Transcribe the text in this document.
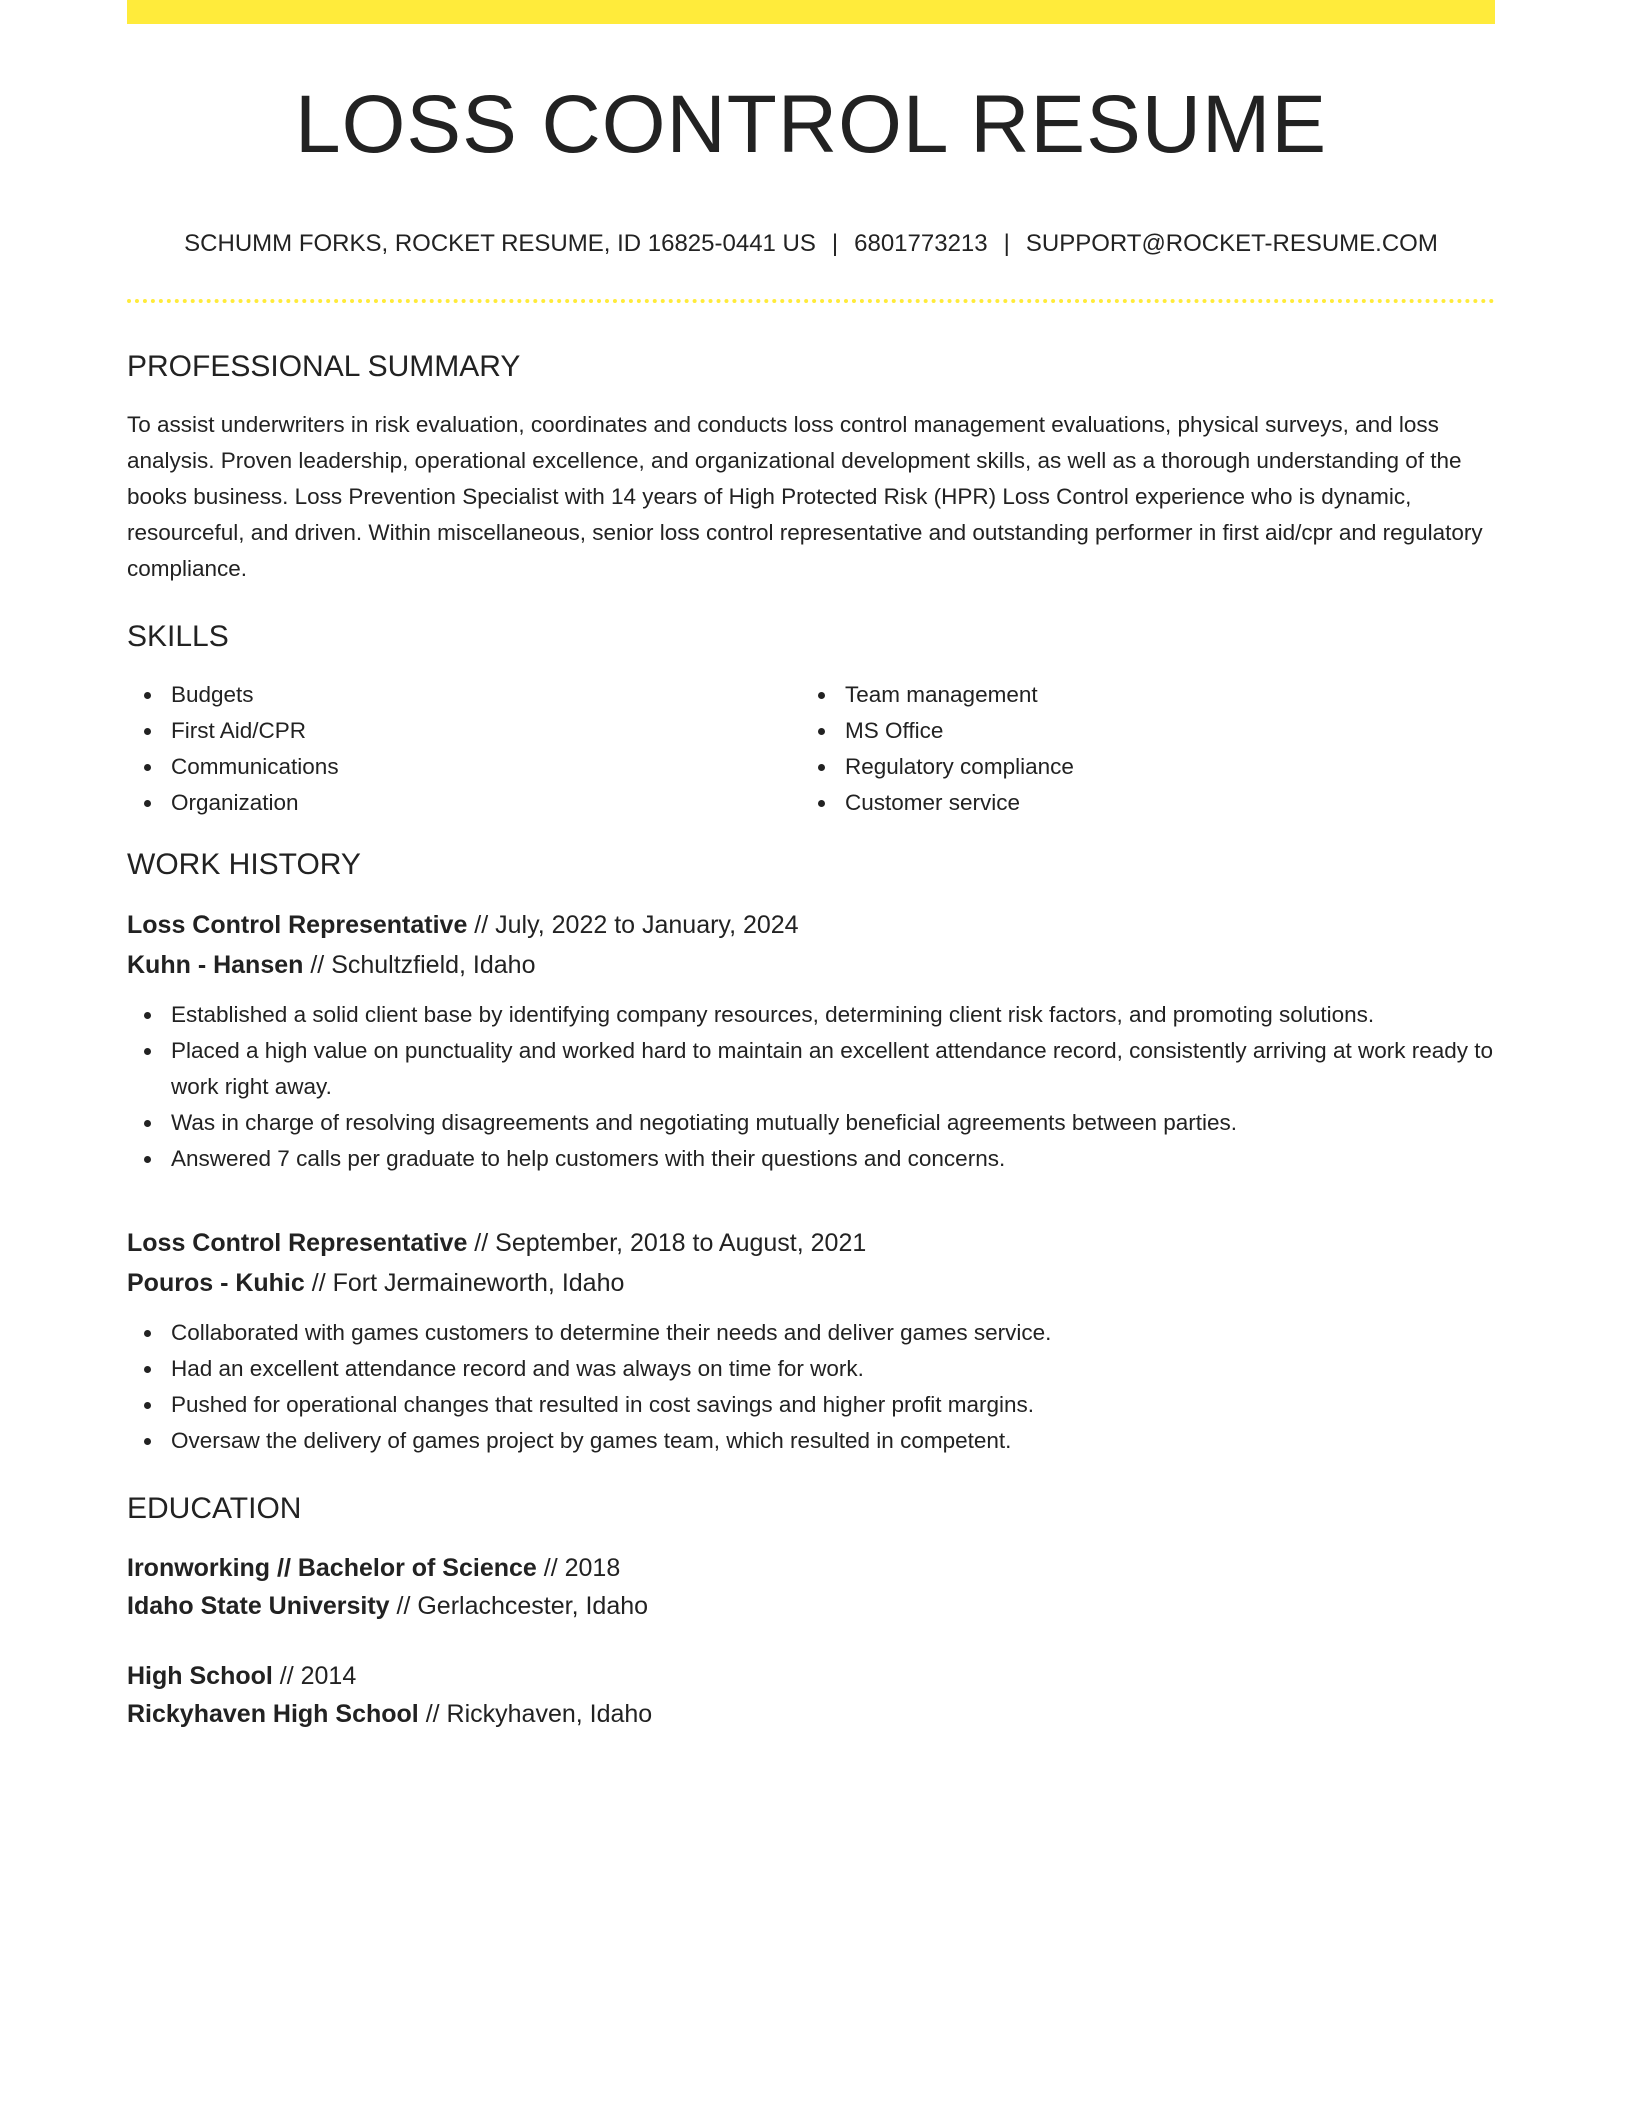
LOSS CONTROL RESUME
SCHUMM FORKS, ROCKET RESUME, ID 16825-0441 US | 6801773213 | SUPPORT@ROCKET-RESUME.COM
PROFESSIONAL SUMMARY

To assist underwriters in risk evaluation, coordinates and conducts loss control management evaluations, physical surveys, and loss analysis. Proven leadership, operational excellence, and organizational development skills, as well as a thorough understanding of the books business. Loss Prevention Specialist with 14 years of High Protected Risk (HPR) Loss Control experience who is dynamic, resourceful, and driven. Within miscellaneous, senior loss control representative and outstanding performer in first aid/cpr and regulatory compliance.

SKILLS
Budgets
First Aid/CPR
Communications
Organization
Team management
MS Office
Regulatory compliance
Customer service
WORK HISTORY
Loss Control Representative // July, 2022 to January, 2024
Kuhn - Hansen // Schultzfield, Idaho
Established a solid client base by identifying company resources, determining client risk factors, and promoting solutions.
Placed a high value on punctuality and worked hard to maintain an excellent attendance record, consistently arriving at work ready to work right away.
Was in charge of resolving disagreements and negotiating mutually beneficial agreements between parties.
Answered 7 calls per graduate to help customers with their questions and concerns.
Loss Control Representative // September, 2018 to August, 2021
Pouros - Kuhic // Fort Jermaineworth, Idaho
Collaborated with games customers to determine their needs and deliver games service.
Had an excellent attendance record and was always on time for work.
Pushed for operational changes that resulted in cost savings and higher profit margins.
Oversaw the delivery of games project by games team, which resulted in competent.
EDUCATION
Ironworking // Bachelor of Science // 2018
Idaho State University // Gerlachcester, Idaho
High School // 2014
Rickyhaven High School // Rickyhaven, Idaho
